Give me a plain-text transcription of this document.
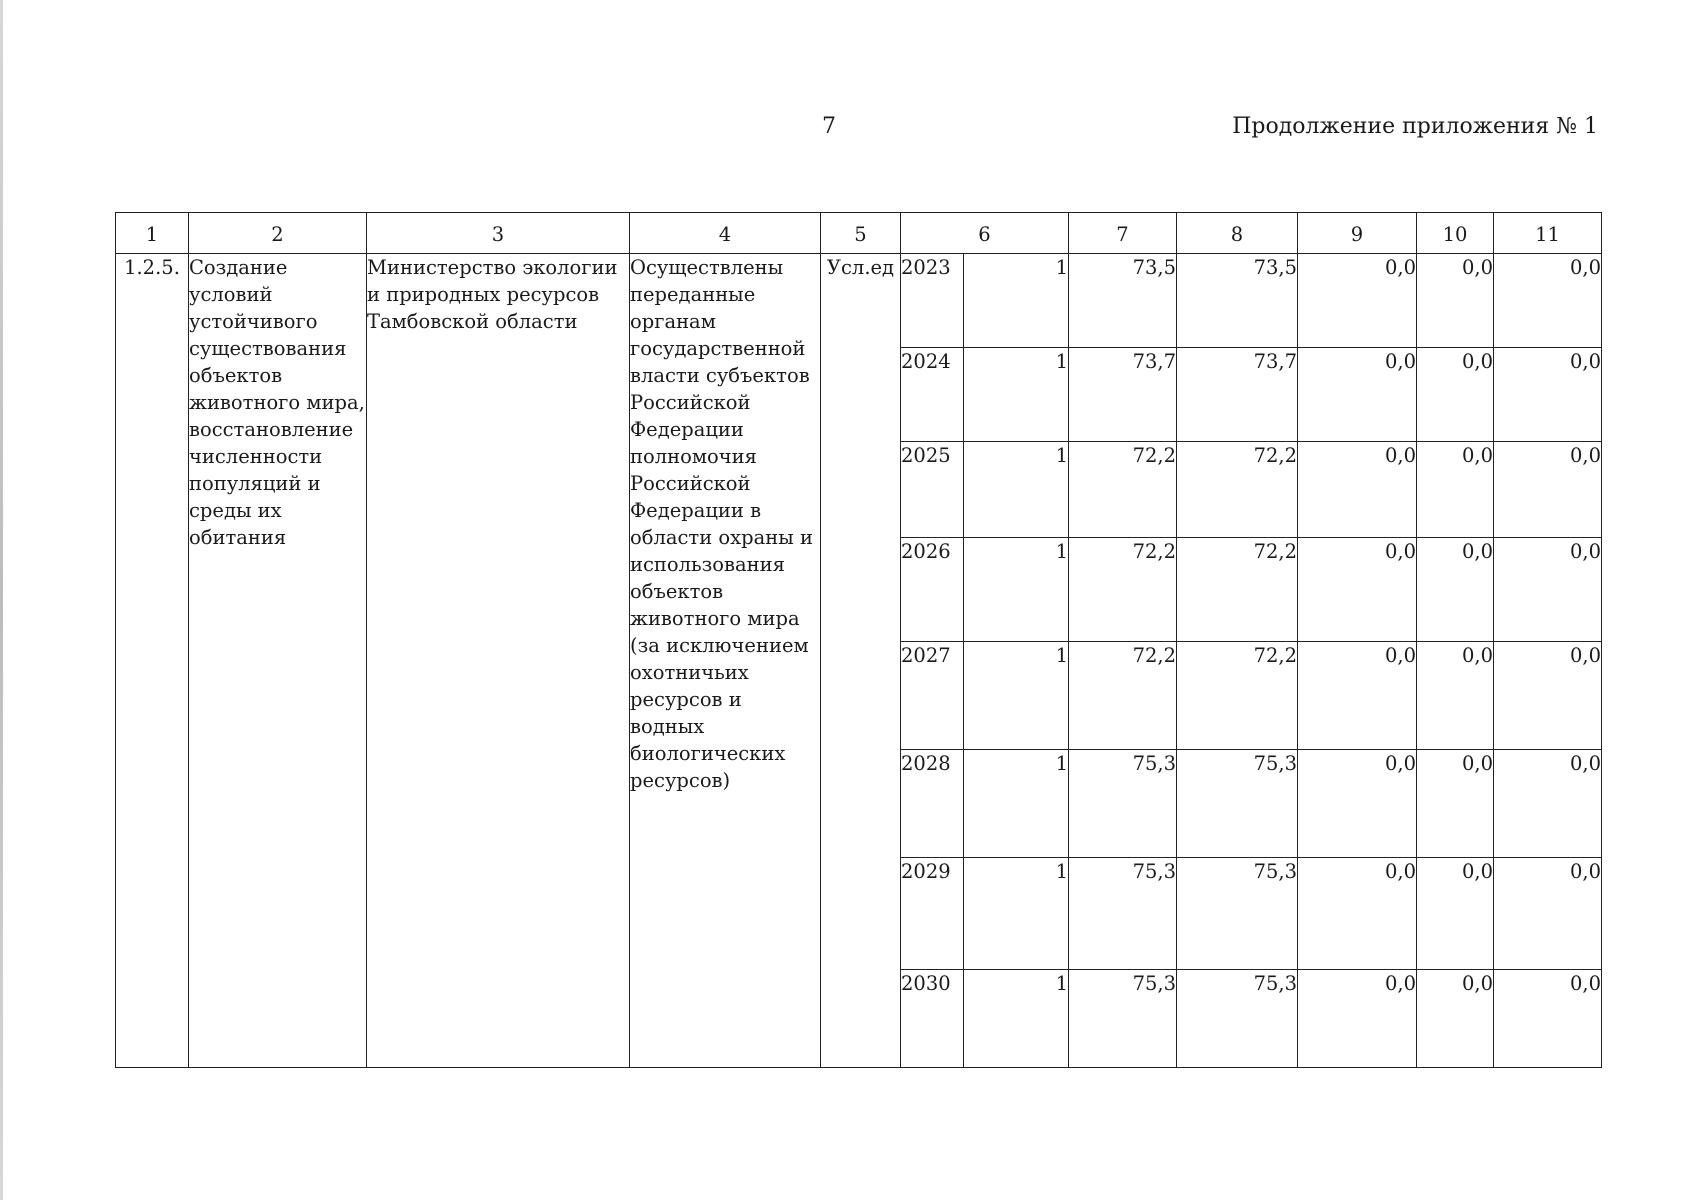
7	Продолжение приложения № 1
1	2	3	4	5	6		7	8	9	10	11
1.2.5.	Создание условий устойчивого существования объектов животного мира, восстановление численности популяций и среды их обитания	Министерство экологии и природных ресурсов Тамбовской области	Осуществлены переданные органам государственной власти субъектов Российской Федерации полномочия Российской Федерации в области охраны и использования объектов животного мира (за исключением охотничьих ресурсов и водных биологических ресурсов)	Усл.ед	2023	1	73,5	73,5	0,0	0,0	0,0
					2024	1	73,7	73,7	0,0	0,0	0,0
					2025	1	72,2	72,2	0,0	0,0	0,0
					2026	1	72,2	72,2	0,0	0,0	0,0
					2027	1	72,2	72,2	0,0	0,0	0,0
					2028	1	75,3	75,3	0,0	0,0	0,0
					2029	1	75,3	75,3	0,0	0,0	0,0
					2030	1	75,3	75,3	0,0	0,0	0,0
